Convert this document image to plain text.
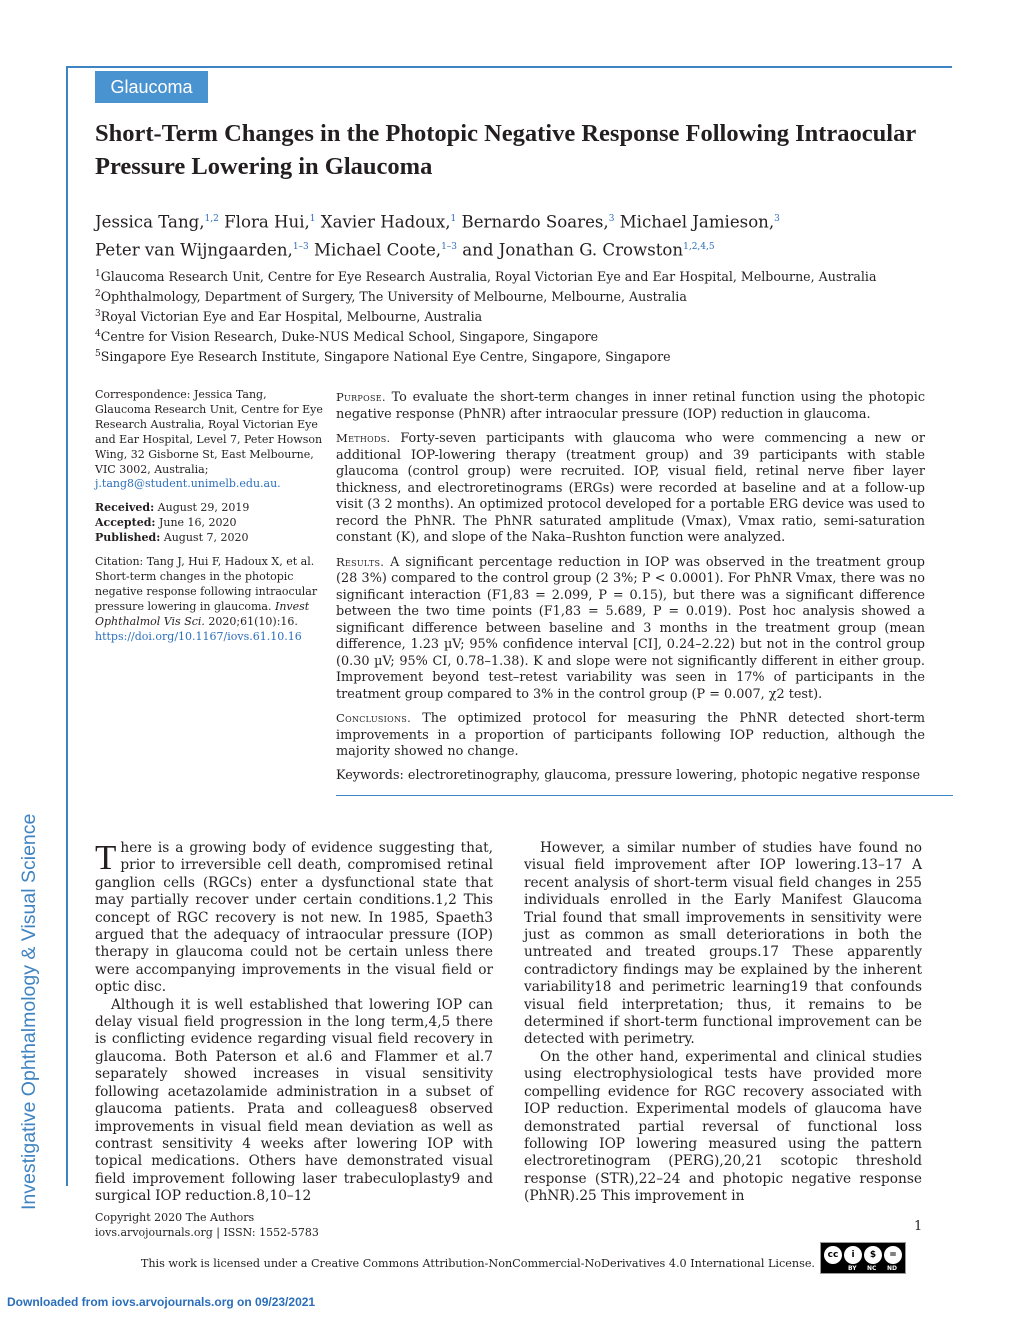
Glaucoma
Short-Term Changes in the Photopic Negative Response Following Intraocular Pressure Lowering in Glaucoma
Jessica Tang,$^{1,2}$ Flora Hui,$^1$ Xavier Hadoux,$^1$ Bernardo Soares,$^3$ Michael Jamieson,$^3$
Peter van Wijngaarden,$^{1-3}$ Michael Coote,$^{1-3}$ and Jonathan G. Crowston$^{1,2,4,5}$
$^1$Glaucoma Research Unit, Centre for Eye Research Australia, Royal Victorian Eye and Ear Hospital, Melbourne, Australia
$^2$Ophthalmology, Department of Surgery, The University of Melbourne, Melbourne, Australia
$^3$Royal Victorian Eye and Ear Hospital, Melbourne, Australia
$^4$Centre for Vision Research, Duke-NUS Medical School, Singapore, Singapore
$^5$Singapore Eye Research Institute, Singapore National Eye Centre, Singapore, Singapore
Correspondence: Jessica Tang, Glaucoma Research Unit, Centre for Eye Research Australia, Royal Victorian Eye and Ear Hospital, Level 7, Peter Howson Wing, 32 Gisborne St, East Melbourne, VIC 3002, Australia; j.tang8@student.unimelb.edu.au.
Received: August 29, 2019
Accepted: June 16, 2020
Published: August 7, 2020
Citation: Tang J, Hui F, Hadoux X, et al. Short-term changes in the photopic negative response following intraocular pressure lowering in glaucoma. Invest Ophthalmol Vis Sci. 2020;61(10):16. https://doi.org/10.1167/iovs.61.10.16

Purpose. To evaluate the short-term changes in inner retinal function using the photopic negative response (PhNR) after intraocular pressure (IOP) reduction in glaucoma.

Methods. Forty-seven participants with glaucoma who were commencing a new or additional IOP-lowering therapy (treatment group) and 39 participants with stable glaucoma (control group) were recruited. IOP, visual field, retinal nerve fiber layer thickness, and electroretinograms (ERGs) were recorded at baseline and at a follow-up visit (3 2 months). An optimized protocol developed for a portable ERG device was used to record the PhNR. The PhNR saturated amplitude (Vmax), Vmax ratio, semi-saturation constant (K), and slope of the Naka–Rushton function were analyzed.

Results. A significant percentage reduction in IOP was observed in the treatment group (28 3%) compared to the control group (2 3%; P < 0.0001). For PhNR Vmax, there was no significant interaction (F1,83 = 2.099, P = 0.15), but there was a significant difference between the two time points (F1,83 = 5.689, P = 0.019). Post hoc analysis showed a significant difference between baseline and 3 months in the treatment group (mean difference, 1.23 µV; 95% confidence interval [CI], 0.24–2.22) but not in the control group (0.30 µV; 95% CI, 0.78–1.38). K and slope were not significantly different in either group. Improvement beyond test–retest variability was seen in 17% of participants in the treatment group compared to 3% in the control group (P = 0.007, χ2 test).

Conclusions. The optimized protocol for measuring the PhNR detected short-term improvements in a proportion of participants following IOP reduction, although the majority showed no change.

Keywords: electroretinography, glaucoma, pressure lowering, photopic negative response

Investigative Ophthalmology & Visual Science There is a growing body of evidence suggesting that, prior to irreversible cell death, compromised retinal ganglion cells (RGCs) enter a dysfunctional state that may partially recover under certain conditions.1,2 This concept of RGC recovery is not new. In 1985, Spaeth3 argued that the adequacy of intraocular pressure (IOP) therapy in glaucoma could not be certain unless there were accompanying improvements in the visual field or optic disc.

Although it is well established that lowering IOP can delay visual field progression in the long term,4,5 there is conflicting evidence regarding visual field recovery in glaucoma. Both Paterson et al.6 and Flammer et al.7 separately showed increases in visual sensitivity following acetazolamide administration in a subset of glaucoma patients. Prata and colleagues8 observed improvements in visual field mean deviation as well as contrast sensitivity 4 weeks after lowering IOP with topical medications. Others have demonstrated visual field improvement following laser trabeculoplasty9 and surgical IOP reduction.8,10–12

However, a similar number of studies have found no visual field improvement after IOP lowering.13–17 A recent analysis of short-term visual field changes in 255 individuals enrolled in the Early Manifest Glaucoma Trial found that small improvements in sensitivity were just as common as small deteriorations in both the untreated and treated groups.17 These apparently contradictory findings may be explained by the inherent variability18 and perimetric learning19 that confounds visual field interpretation; thus, it remains to be determined if short-term functional improvement can be detected with perimetry.

On the other hand, experimental and clinical studies using electrophysiological tests have provided more compelling evidence for RGC recovery associated with IOP reduction. Experimental models of glaucoma have demonstrated partial reversal of functional loss following IOP lowering measured using the pattern electroretinogram (PERG),20,21 scotopic threshold response (STR),22–24 and photopic negative response (PhNR).25 This improvement in

Copyright 2020 The Authors
iovs.arvojournals.org | ISSN: 1552-5783	1
This work is licensed under a Creative Commons Attribution-NonCommercial-NoDerivatives 4.0 International License.
cc	i	$	=
BY NC ND
Downloaded from iovs.arvojournals.org on 09/23/2021
